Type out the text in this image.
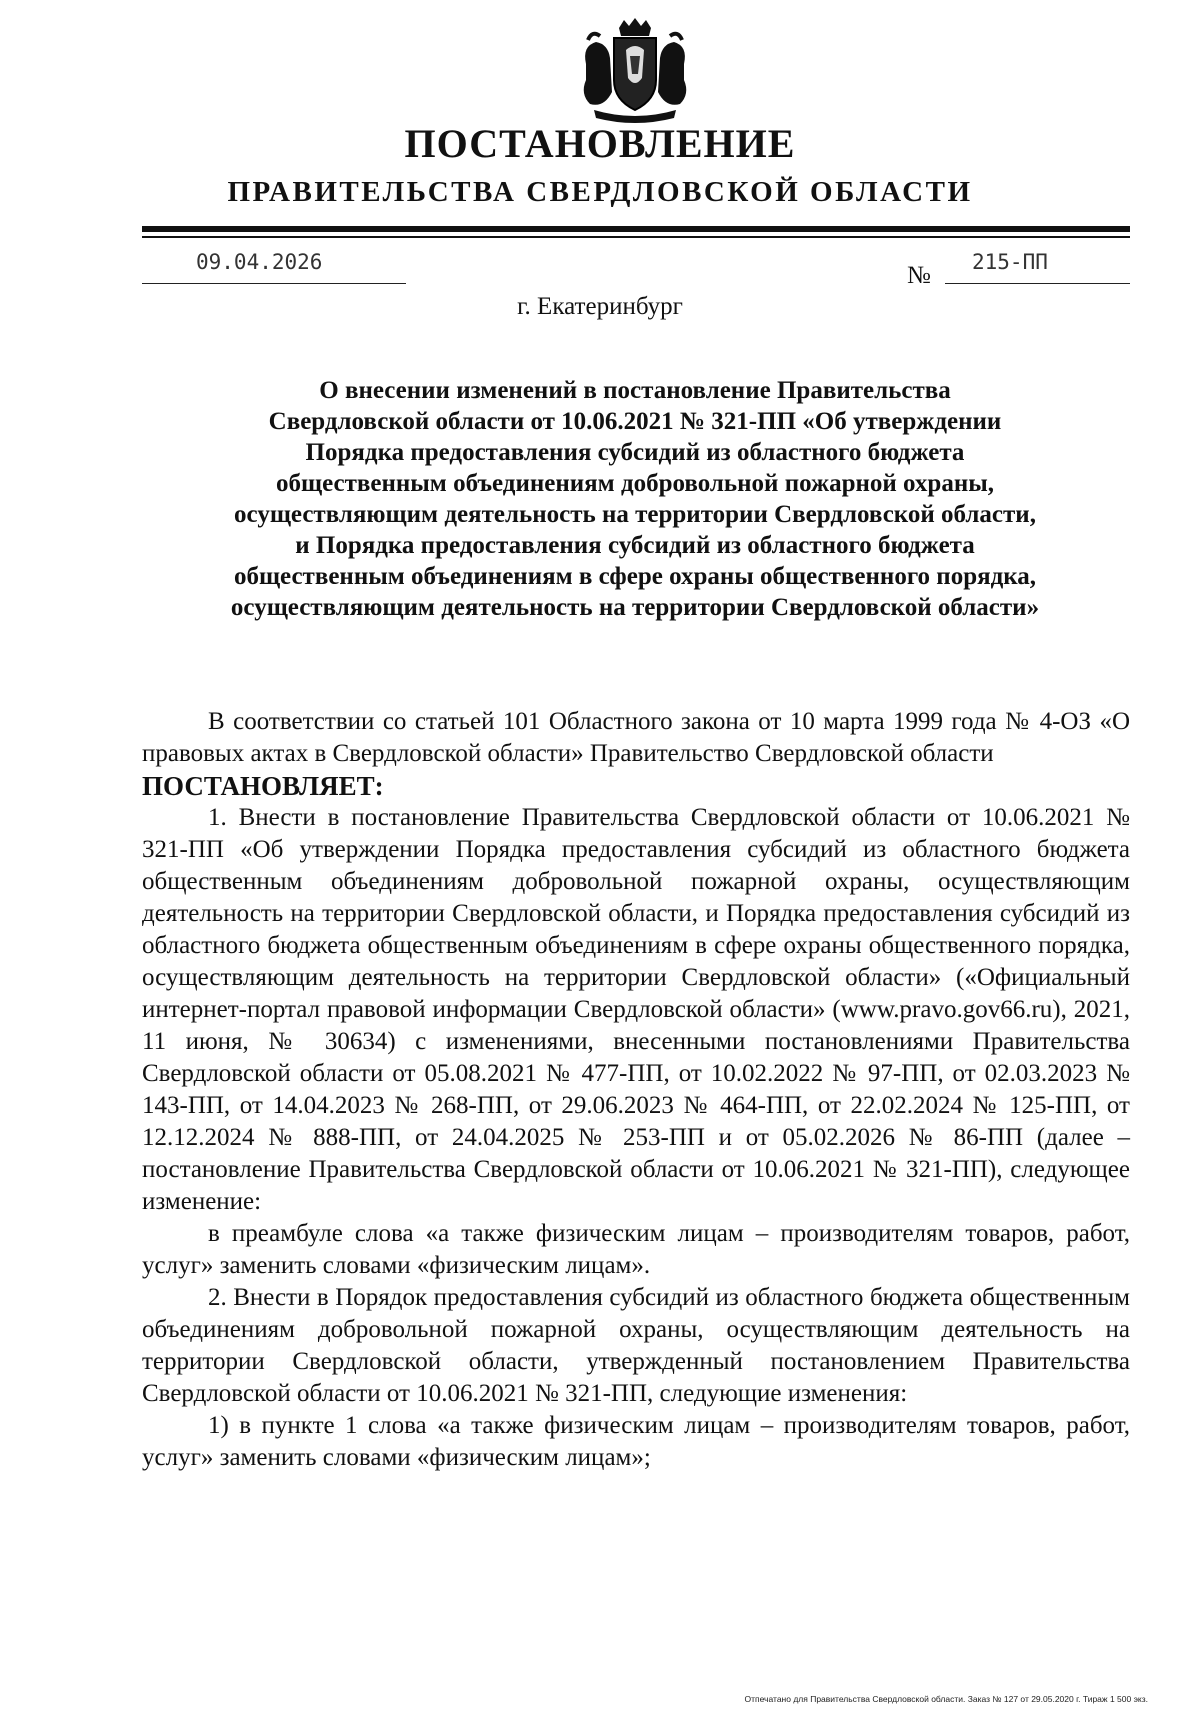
ПОСТАНОВЛЕНИЕ
ПРАВИТЕЛЬСТВА СВЕРДЛОВСКОЙ ОБЛАСТИ
09.04.2026	№ 215-ПП
г. Екатеринбург
О внесении изменений в постановление Правительства
Свердловской области от 10.06.2021 № 321-ПП «Об утверждении
Порядка предоставления субсидий из областного бюджета
общественным объединениям добровольной пожарной охраны,
осуществляющим деятельность на территории Свердловской области,
и Порядка предоставления субсидий из областного бюджета
общественным объединениям в сфере охраны общественного порядка,
осуществляющим деятельность на территории Свердловской области»

В соответствии со статьей 101 Областного закона от 10 марта 1999 года № 4-ОЗ «О правовых актах в Свердловской области» Правительство Свердловской области

ПОСТАНОВЛЯЕТ:

1. Внести в постановление Правительства Свердловской области от 10.06.2021 № 321-ПП «Об утверждении Порядка предоставления субсидий из областного бюджета общественным объединениям добровольной пожарной охраны, осуществляющим деятельность на территории Свердловской области, и Порядка предоставления субсидий из областного бюджета общественным объединениям в сфере охраны общественного порядка, осуществляющим деятельность на территории Свердловской области» («Официальный интернет-портал правовой информации Свердловской области» (www.pravo.gov66.ru), 2021, 11 июня, № 30634) с изменениями, внесенными постановлениями Правительства Свердловской области от 05.08.2021 № 477-ПП, от 10.02.2022 № 97-ПП, от 02.03.2023 № 143-ПП, от 14.04.2023 № 268-ПП, от 29.06.2023 № 464-ПП, от 22.02.2024 № 125-ПП, от 12.12.2024 № 888-ПП, от 24.04.2025 № 253-ПП и от 05.02.2026 № 86-ПП (далее – постановление Правительства Свердловской области от 10.06.2021 № 321-ПП), следующее изменение:

в преамбуле слова «а также физическим лицам – производителям товаров, работ, услуг» заменить словами «физическим лицам».

2. Внести в Порядок предоставления субсидий из областного бюджета общественным объединениям добровольной пожарной охраны, осуществляющим деятельность на территории Свердловской области, утвержденный постановлением Правительства Свердловской области от 10.06.2021 № 321-ПП, следующие изменения:

1) в пункте 1 слова «а также физическим лицам – производителям товаров, работ, услуг» заменить словами «физическим лицам»;

Отпечатано для Правительства Свердловской области. Заказ № 127 от 29.05.2020 г. Тираж 1 500 экз.
